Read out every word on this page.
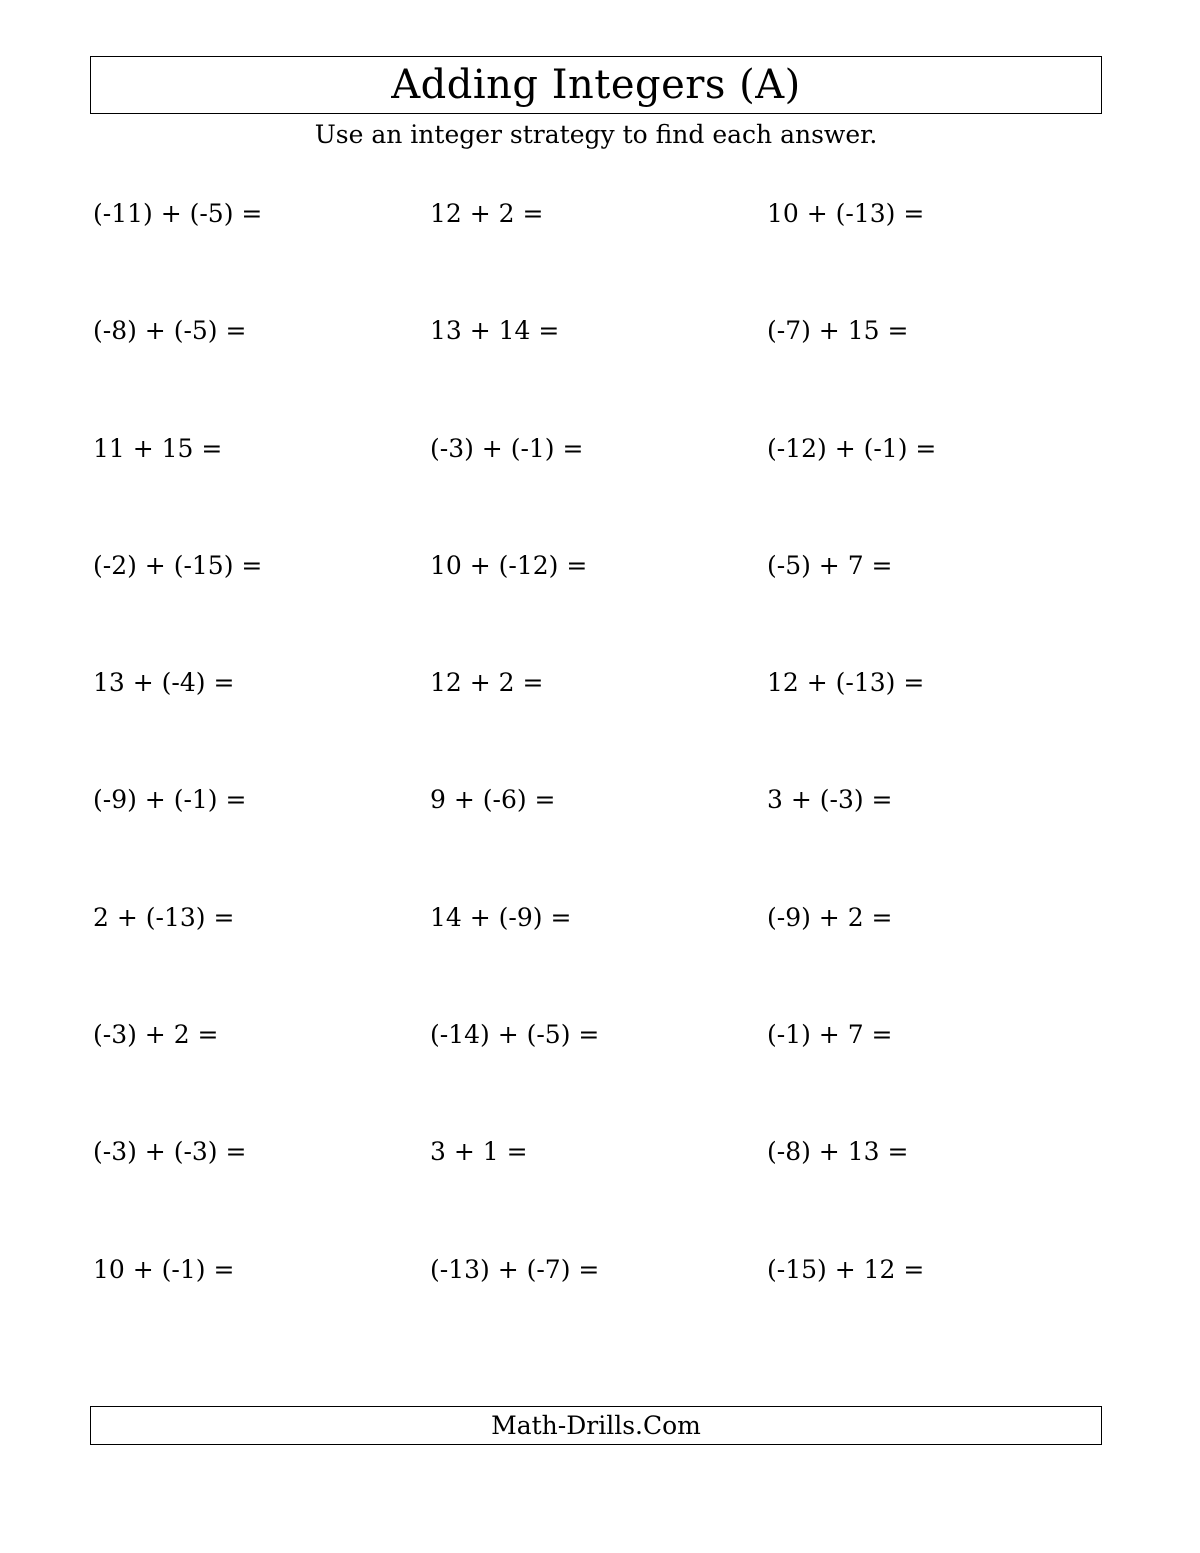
Adding Integers (A)
Use an integer strategy to find each answer.
(-11) + (-5) =	12 + 2 =	10 + (-13) =
(-8) + (-5) =	13 + 14 =	(-7) + 15 =
11 + 15 =	(-3) + (-1) =	(-12) + (-1) =
(-2) + (-15) =	10 + (-12) =	(-5) + 7 =
13 + (-4) =	12 + 2 =	12 + (-13) =
(-9) + (-1) =	9 + (-6) =	3 + (-3) =
2 + (-13) =	14 + (-9) =	(-9) + 2 =
(-3) + 2 =	(-14) + (-5) =	(-1) + 7 =
(-3) + (-3) =	3 + 1 =	(-8) + 13 =
10 + (-1) =	(-13) + (-7) =	(-15) + 12 =
Math-Drills.Com
